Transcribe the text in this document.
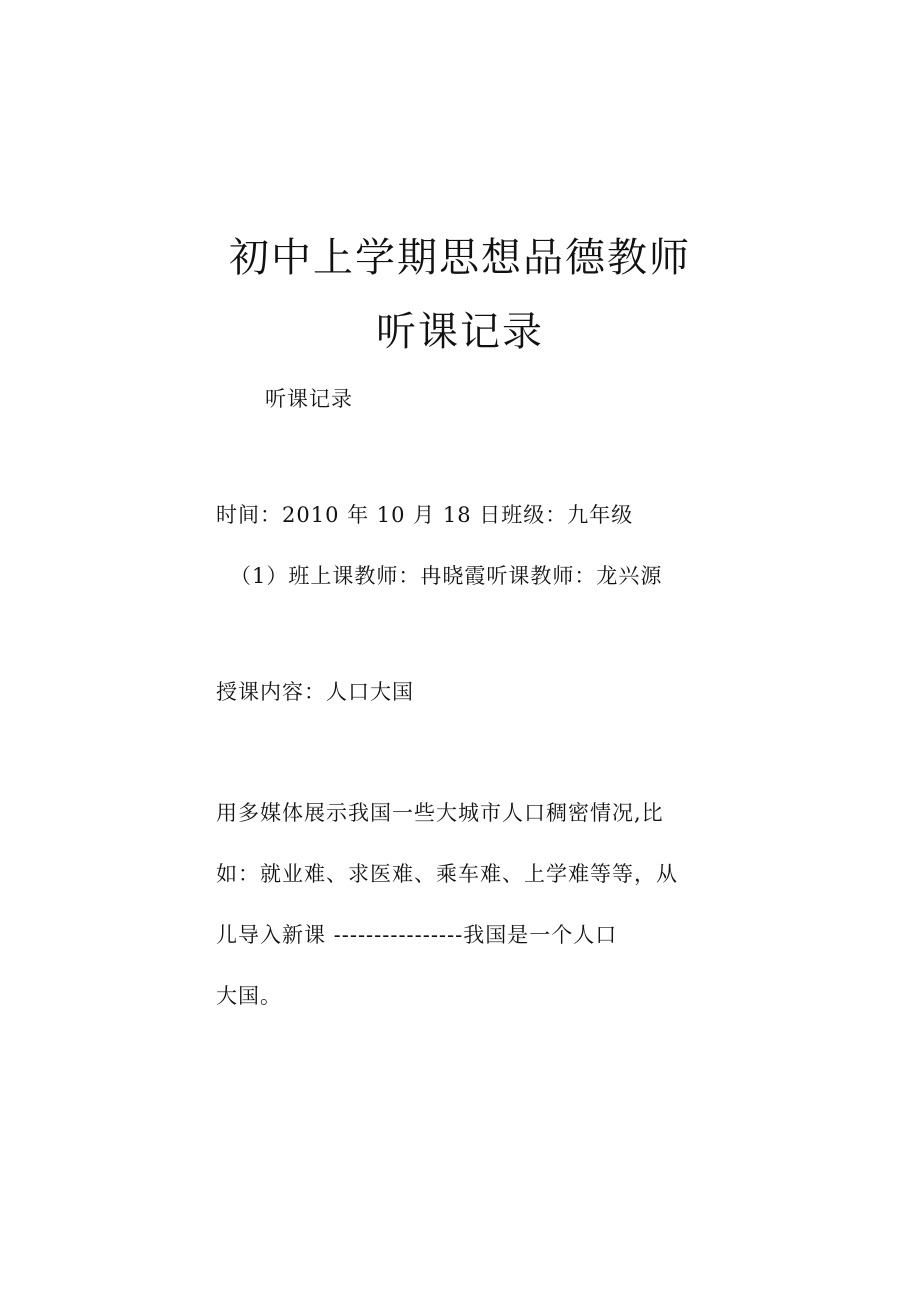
初中上学期思想品德教师
听课记录
听课记录
时间：2010 年 10 月 18 日班级：九年级
（1）班上课教师：冉晓霞听课教师：龙兴源
授课内容：人口大国
用多媒体展示我国一些大城市人口稠密情况,比
如：就业难、求医难、乘车难、上学难等等，从
儿导入新课 ----------------我国是一个人口
大国。
